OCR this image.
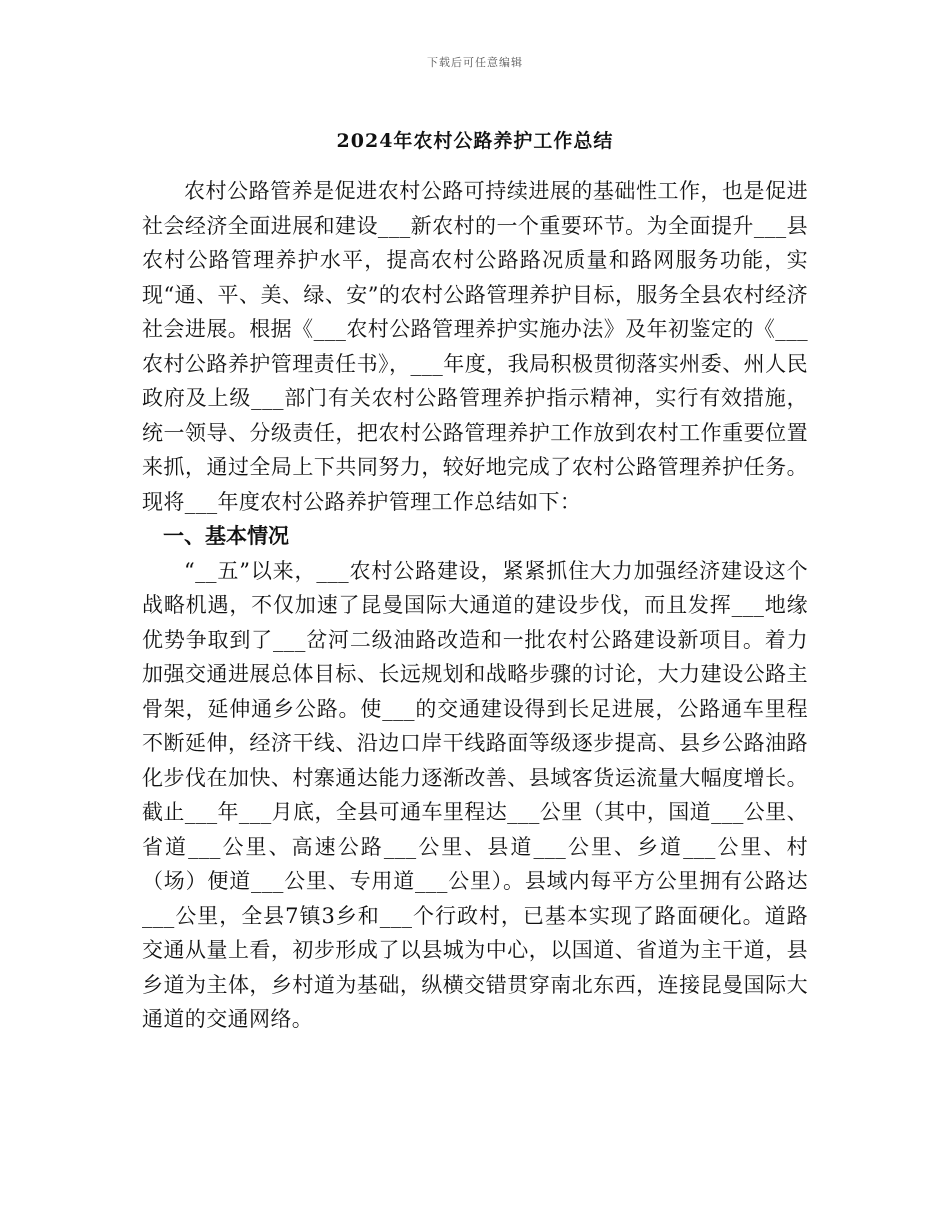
下载后可任意编辑
2024年农村公路养护工作总结

农村公路管养是促进农村公路可持续进展的基础性工作，也是促进社会经济全面进展和建设___新农村的一个重要环节。为全面提升___县农村公路管理养护水平，提高农村公路路况质量和路网服务功能，实现“通、平、美、绿、安”的农村公路管理养护目标，服务全县农村经济社会进展。根据《___农村公路管理养护实施办法》及年初鉴定的《___农村公路养护管理责任书》，___年度，我局积极贯彻落实州委、州人民政府及上级___部门有关农村公路管理养护指示精神，实行有效措施，统一领导、分级责任，把农村公路管理养护工作放到农村工作重要位置来抓，通过全局上下共同努力，较好地完成了农村公路管理养护任务。现将___年度农村公路养护管理工作总结如下：

一、基本情况

“__五”以来，___农村公路建设，紧紧抓住大力加强经济建设这个战略机遇，不仅加速了昆曼国际大通道的建设步伐，而且发挥___地缘优势争取到了___岔河二级油路改造和一批农村公路建设新项目。着力加强交通进展总体目标、长远规划和战略步骤的讨论，大力建设公路主骨架，延伸通乡公路。使___的交通建设得到长足进展，公路通车里程不断延伸，经济干线、沿边口岸干线路面等级逐步提高、县乡公路油路化步伐在加快、村寨通达能力逐渐改善、县域客货运流量大幅度增长。截止___年___月底，全县可通车里程达___公里（其中，国道___公里、省道___公里、高速公路___公里、县道___公里、乡道___公里、村（场）便道___公里、专用道___公里）。县域内每平方公里拥有公路达___公里，全县7镇3乡和___个行政村，已基本实现了路面硬化。道路交通从量上看，初步形成了以县城为中心，以国道、省道为主干道，县乡道为主体，乡村道为基础，纵横交错贯穿南北东西，连接昆曼国际大通道的交通网络。
